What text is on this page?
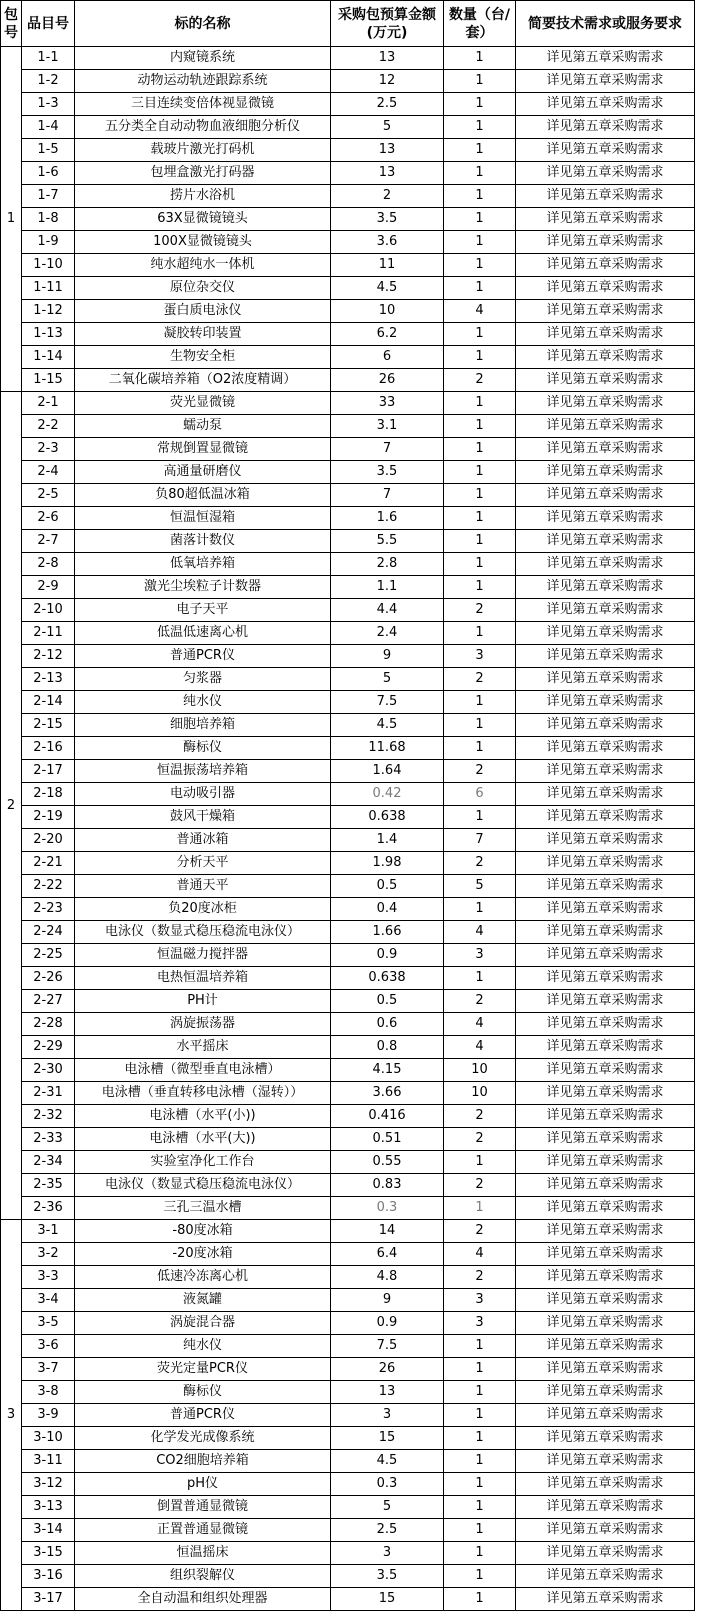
包号	品目号	标的名称	采购包预算金额(万元)	数量（台/套）	简要技术需求或服务要求
1	1-1	内窥镜系统	13	1	详见第五章采购需求
	1-2	动物运动轨迹跟踪系统	12	1	详见第五章采购需求
	1-3	三目连续变倍体视显微镜	2.5	1	详见第五章采购需求
	1-4	五分类全自动动物血液细胞分析仪	5	1	详见第五章采购需求
	1-5	载玻片激光打码机	13	1	详见第五章采购需求
	1-6	包埋盒激光打码器	13	1	详见第五章采购需求
	1-7	捞片水浴机	2	1	详见第五章采购需求
	1-8	63X显微镜镜头	3.5	1	详见第五章采购需求
	1-9	100X显微镜镜头	3.6	1	详见第五章采购需求
	1-10	纯水超纯水一体机	11	1	详见第五章采购需求
	1-11	原位杂交仪	4.5	1	详见第五章采购需求
	1-12	蛋白质电泳仪	10	4	详见第五章采购需求
	1-13	凝胶转印装置	6.2	1	详见第五章采购需求
	1-14	生物安全柜	6	1	详见第五章采购需求
	1-15	二氧化碳培养箱（O2浓度精调）	26	2	详见第五章采购需求
2	2-1	荧光显微镜	33	1	详见第五章采购需求
	2-2	蠕动泵	3.1	1	详见第五章采购需求
	2-3	常规倒置显微镜	7	1	详见第五章采购需求
	2-4	高通量研磨仪	3.5	1	详见第五章采购需求
	2-5	负80超低温冰箱	7	1	详见第五章采购需求
	2-6	恒温恒湿箱	1.6	1	详见第五章采购需求
	2-7	菌落计数仪	5.5	1	详见第五章采购需求
	2-8	低氧培养箱	2.8	1	详见第五章采购需求
	2-9	激光尘埃粒子计数器	1.1	1	详见第五章采购需求
	2-10	电子天平	4.4	2	详见第五章采购需求
	2-11	低温低速离心机	2.4	1	详见第五章采购需求
	2-12	普通PCR仪	9	3	详见第五章采购需求
	2-13	匀浆器	5	2	详见第五章采购需求
	2-14	纯水仪	7.5	1	详见第五章采购需求
	2-15	细胞培养箱	4.5	1	详见第五章采购需求
	2-16	酶标仪	11.68	1	详见第五章采购需求
	2-17	恒温振荡培养箱	1.64	2	详见第五章采购需求
	2-18	电动吸引器	0.42	6	详见第五章采购需求
	2-19	鼓风干燥箱	0.638	1	详见第五章采购需求
	2-20	普通冰箱	1.4	7	详见第五章采购需求
	2-21	分析天平	1.98	2	详见第五章采购需求
	2-22	普通天平	0.5	5	详见第五章采购需求
	2-23	负20度冰柜	0.4	1	详见第五章采购需求
	2-24	电泳仪（数显式稳压稳流电泳仪）	1.66	4	详见第五章采购需求
	2-25	恒温磁力搅拌器	0.9	3	详见第五章采购需求
	2-26	电热恒温培养箱	0.638	1	详见第五章采购需求
	2-27	PH计	0.5	2	详见第五章采购需求
	2-28	涡旋振荡器	0.6	4	详见第五章采购需求
	2-29	水平摇床	0.8	4	详见第五章采购需求
	2-30	电泳槽（微型垂直电泳槽）	4.15	10	详见第五章采购需求
	2-31	电泳槽（垂直转移电泳槽（湿转））	3.66	10	详见第五章采购需求
	2-32	电泳槽（水平(小))	0.416	2	详见第五章采购需求
	2-33	电泳槽（水平(大))	0.51	2	详见第五章采购需求
	2-34	实验室净化工作台	0.55	1	详见第五章采购需求
	2-35	电泳仪（数显式稳压稳流电泳仪）	0.83	2	详见第五章采购需求
	2-36	三孔三温水槽	0.3	1	详见第五章采购需求
3	3-1	-80度冰箱	14	2	详见第五章采购需求
	3-2	-20度冰箱	6.4	4	详见第五章采购需求
	3-3	低速冷冻离心机	4.8	2	详见第五章采购需求
	3-4	液氮罐	9	3	详见第五章采购需求
	3-5	涡旋混合器	0.9	3	详见第五章采购需求
	3-6	纯水仪	7.5	1	详见第五章采购需求
	3-7	荧光定量PCR仪	26	1	详见第五章采购需求
	3-8	酶标仪	13	1	详见第五章采购需求
	3-9	普通PCR仪	3	1	详见第五章采购需求
	3-10	化学发光成像系统	15	1	详见第五章采购需求
	3-11	CO2细胞培养箱	4.5	1	详见第五章采购需求
	3-12	pH仪	0.3	1	详见第五章采购需求
	3-13	倒置普通显微镜	5	1	详见第五章采购需求
	3-14	正置普通显微镜	2.5	1	详见第五章采购需求
	3-15	恒温摇床	3	1	详见第五章采购需求
	3-16	组织裂解仪	3.5	1	详见第五章采购需求
	3-17	全自动温和组织处理器	15	1	详见第五章采购需求
